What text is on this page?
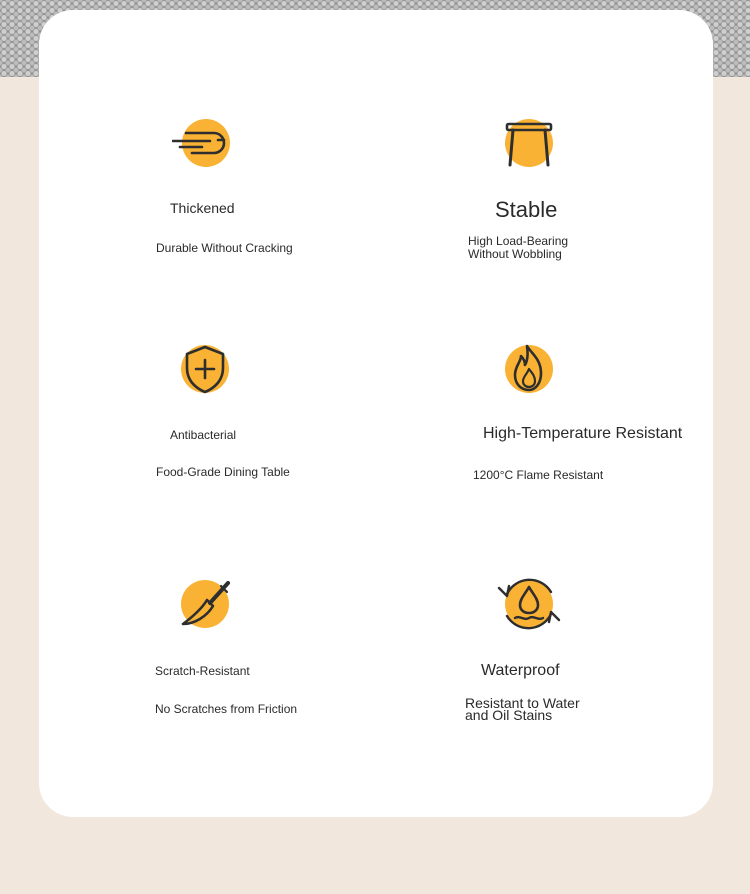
Thickened

Durable Without Cracking

Stable

High Load-Bearing Without Wobbling

Antibacterial

Food-Grade Dining Table

High-Temperature Resistant

1200°C Flame Resistant

Scratch-Resistant

No Scratches from Friction

Waterproof

Resistant to Water and Oil Stains
